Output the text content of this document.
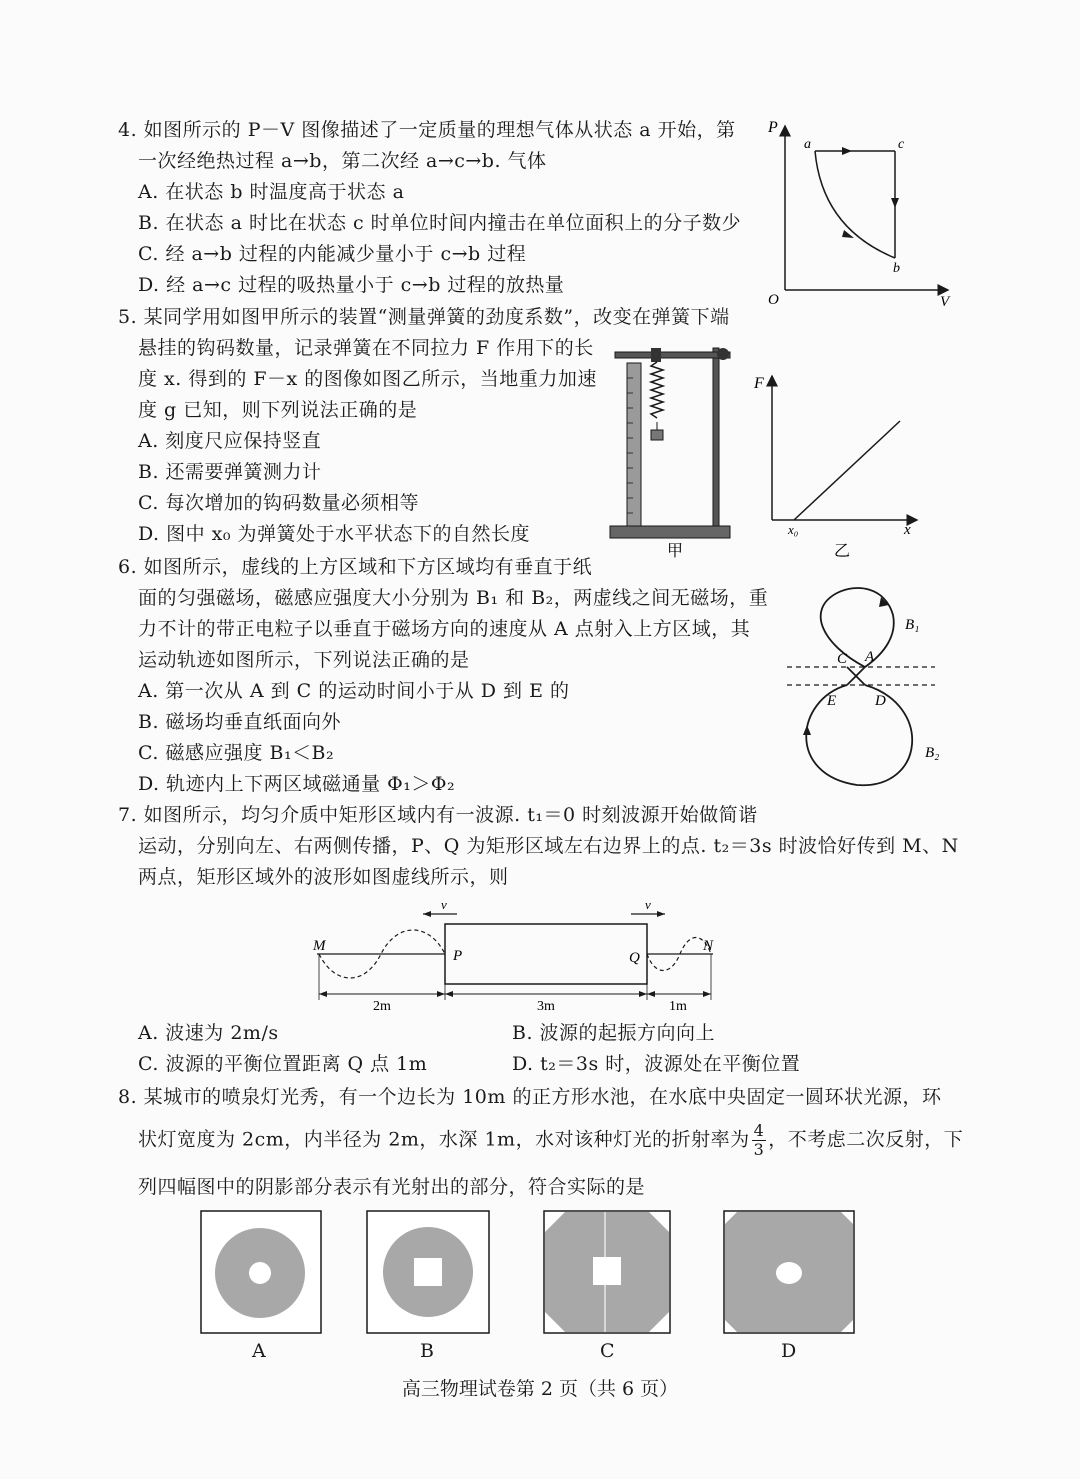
4. 如图所示的 P－V 图像描述了一定质量的理想气体从状态 a 开始，第
一次经绝热过程 a→b，第二次经 a→c→b. 气体
A. 在状态 b 时温度高于状态 a
B. 在状态 a 时比在状态 c 时单位时间内撞击在单位面积上的分子数少
C. 经 a→b 过程的内能减少量小于 c→b 过程
D. 经 a→c 过程的吸热量小于 c→b 过程的放热量
P
V
O
a	c
b
5. 某同学用如图甲所示的装置“测量弹簧的劲度系数”，改变在弹簧下端
悬挂的钩码数量，记录弹簧在不同拉力 F 作用下的长
度 x. 得到的 F－x 的图像如图乙所示，当地重力加速
度 g 已知，则下列说法正确的是
A. 刻度尺应保持竖直
B. 还需要弹簧测力计
C. 每次增加的钩码数量必须相等
D. 图中 x₀ 为弹簧处于水平状态下的自然长度
甲
F
x
x₀
乙
6. 如图所示，虚线的上方区域和下方区域均有垂直于纸
面的匀强磁场，磁感应强度大小分别为 B₁ 和 B₂，两虚线之间无磁场，重
力不计的带正电粒子以垂直于磁场方向的速度从 A 点射入上方区域，其
运动轨迹如图所示，下列说法正确的是
A. 第一次从 A 到 C 的运动时间小于从 D 到 E 的
B. 磁场均垂直纸面向外
C. 磁感应强度 B₁＜B₂
D. 轨迹内上下两区域磁通量 Φ₁＞Φ₂
B₁
B₂
C A
E	D
7. 如图所示，均匀介质中矩形区域内有一波源. t₁＝0 时刻波源开始做简谐
运动，分别向左、右两侧传播，P、Q 为矩形区域左右边界上的点. t₂＝3s 时波恰好传到 M、N
两点，矩形区域外的波形如图虚线所示，则
v	v
M
P	Q
N
2m	3m	1m
A. 波速为 2m/s	B. 波源的起振方向向上
C. 波源的平衡位置距离 Q 点 1m	D. t₂＝3s 时，波源处在平衡位置
8. 某城市的喷泉灯光秀，有一个边长为 10m 的正方形水池，在水底中央固定一圆环状光源，环
状灯宽度为 2cm，内半径为 2m，水深 1m，水对该种灯光的折射率为 $\frac{4}{3}$ ，不考虑二次反射，下
列四幅图中的阴影部分表示有光射出的部分，符合实际的是
A	B	C	D
高三物理试卷第 2 页（共 6 页）
